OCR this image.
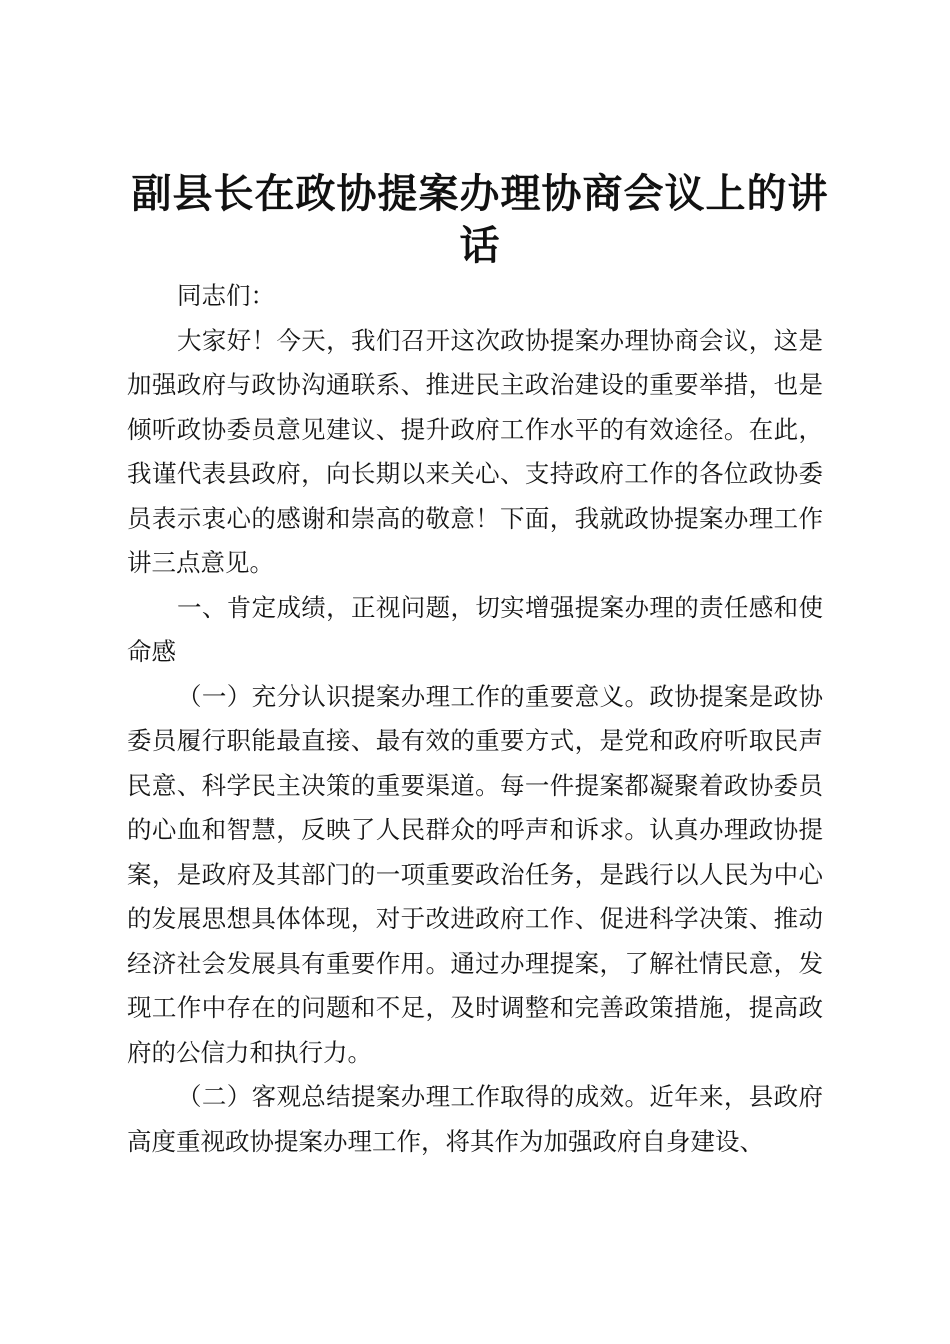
副县长在政协提案办理协商会议上的讲话

同志们：

大家好！今天，我们召开这次政协提案办理协商会议，这是加强政府与政协沟通联系、推进民主政治建设的重要举措，也是倾听政协委员意见建议、提升政府工作水平的有效途径。在此，我谨代表县政府，向长期以来关心、支持政府工作的各位政协委员表示衷心的感谢和崇高的敬意！下面，我就政协提案办理工作讲三点意见。

一、肯定成绩，正视问题，切实增强提案办理的责任感和使命感

（一）充分认识提案办理工作的重要意义。政协提案是政协委员履行职能最直接、最有效的重要方式，是党和政府听取民声民意、科学民主决策的重要渠道。每一件提案都凝聚着政协委员的心血和智慧，反映了人民群众的呼声和诉求。认真办理政协提案，是政府及其部门的一项重要政治任务，是践行以人民为中心的发展思想具体体现，对于改进政府工作、促进科学决策、推动经济社会发展具有重要作用。通过办理提案，了解社情民意，发现工作中存在的问题和不足，及时调整和完善政策措施，提高政府的公信力和执行力。

（二）客观总结提案办理工作取得的成效。近年来，县政府高度重视政协提案办理工作，将其作为加强政府自身建设、
